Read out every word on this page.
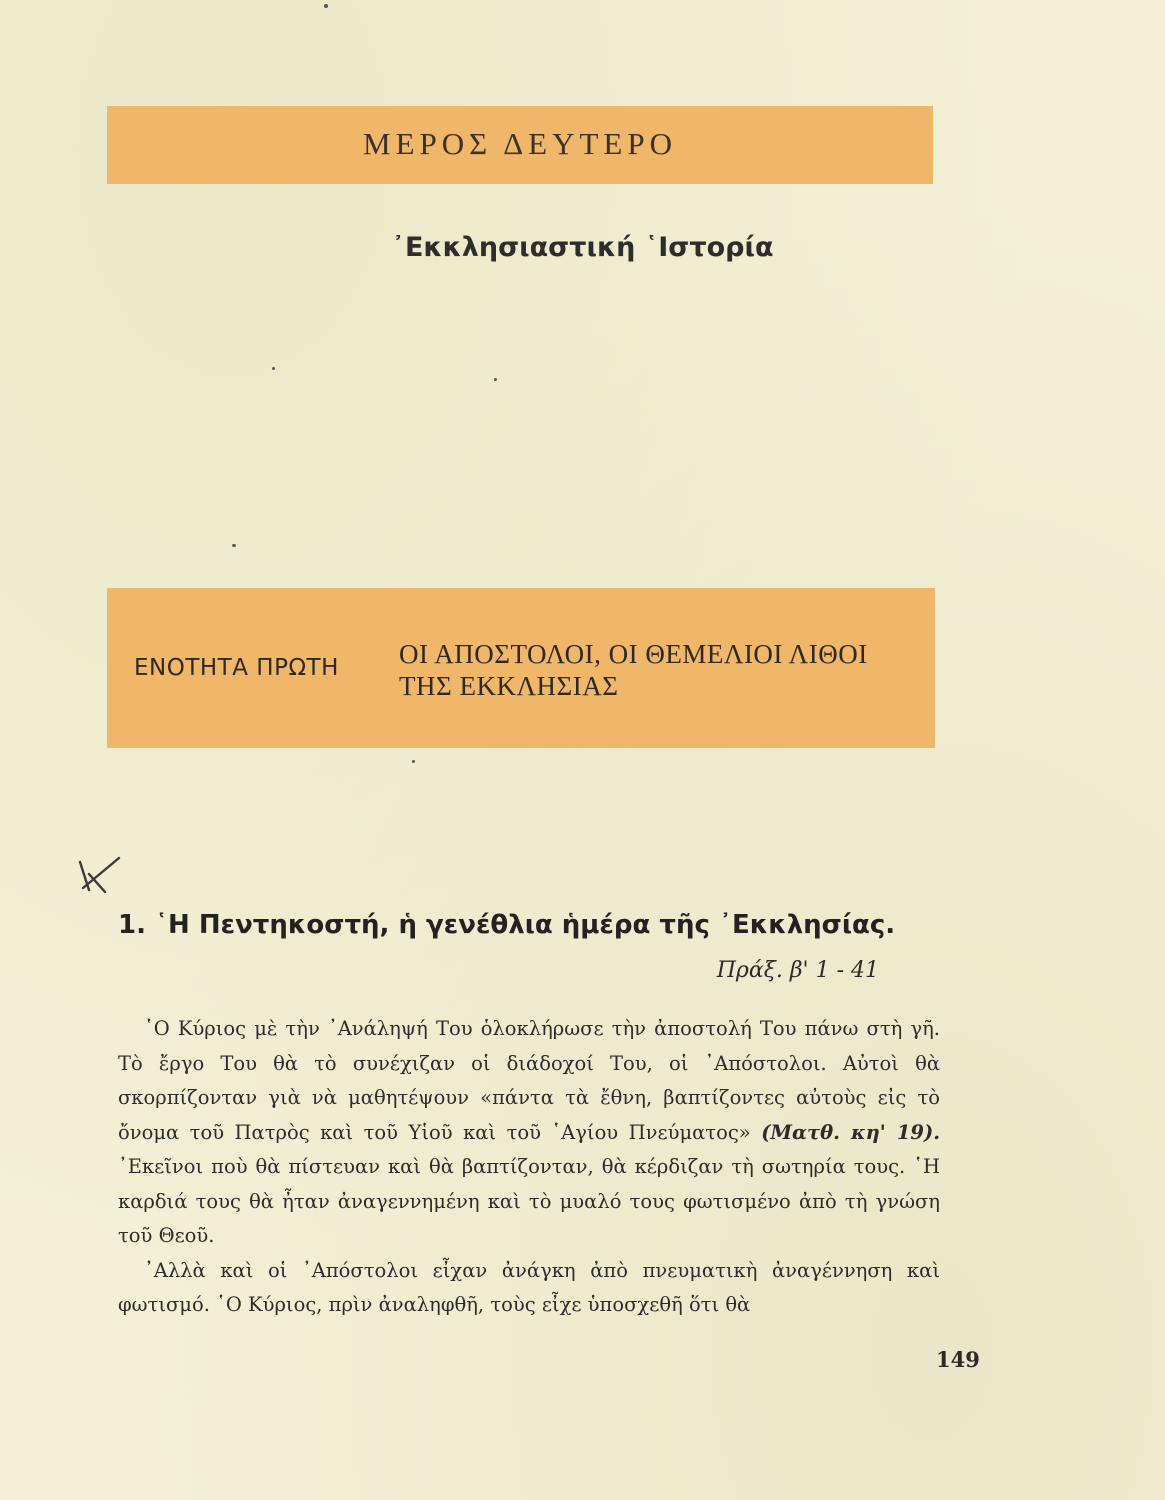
ΜΕΡΟΣ ΔΕΥΤΕΡΟ
᾿Εκκλησιαστική ῾Ιστορία
ΕΝΟΤΗΤΑ ΠΡΩΤΗ ΟΙ ΑΠΟΣΤΟΛΟΙ, ΟΙ ΘΕΜΕΛΙΟΙ ΛΙΘΟΙ
ΤΗΣ ΕΚΚΛΗΣΙΑΣ
1. ῾Η Πεντηκοστή, ἡ γενέθλια ἡμέρα τῆς ᾿Εκκλησίας.
Πράξ. β' 1 - 41

῾Ο Κύριος μὲ τὴν ᾿Ανάληψή Του ὁλοκλήρωσε τὴν ἀποστολή Του πάνω στὴ γῆ. Τὸ ἔργο Του θὰ τὸ συνέχιζαν οἱ διάδοχοί Του, οἱ ᾿Απόστολοι. Αὐτοὶ θὰ σκορπίζονταν γιὰ νὰ μαθητέψουν «πάντα τὰ ἔθνη, βαπτίζοντες αὐτοὺς εἰς τὸ ὄνομα τοῦ Πατρὸς καὶ τοῦ Υἱοῦ καὶ τοῦ ῾Αγίου Πνεύματος» (Ματθ. κη' 19). ᾿Εκεῖνοι ποὺ θὰ πίστευαν καὶ θὰ βαπτίζονταν, θὰ κέρδιζαν τὴ σωτηρία τους. ῾Η καρδιά τους θὰ ἦταν ἀναγεννημένη καὶ τὸ μυαλό τους φωτισμένο ἀπὸ τὴ γνώση τοῦ Θεοῦ.

᾿Αλλὰ καὶ οἱ ᾿Απόστολοι εἶχαν ἀνάγκη ἀπὸ πνευματικὴ ἀναγέννηση καὶ φωτισμό. ῾Ο Κύριος, πρὶν ἀναληφθῆ, τοὺς εἶχε ὑποσχεθῆ ὅτι θὰ

149
